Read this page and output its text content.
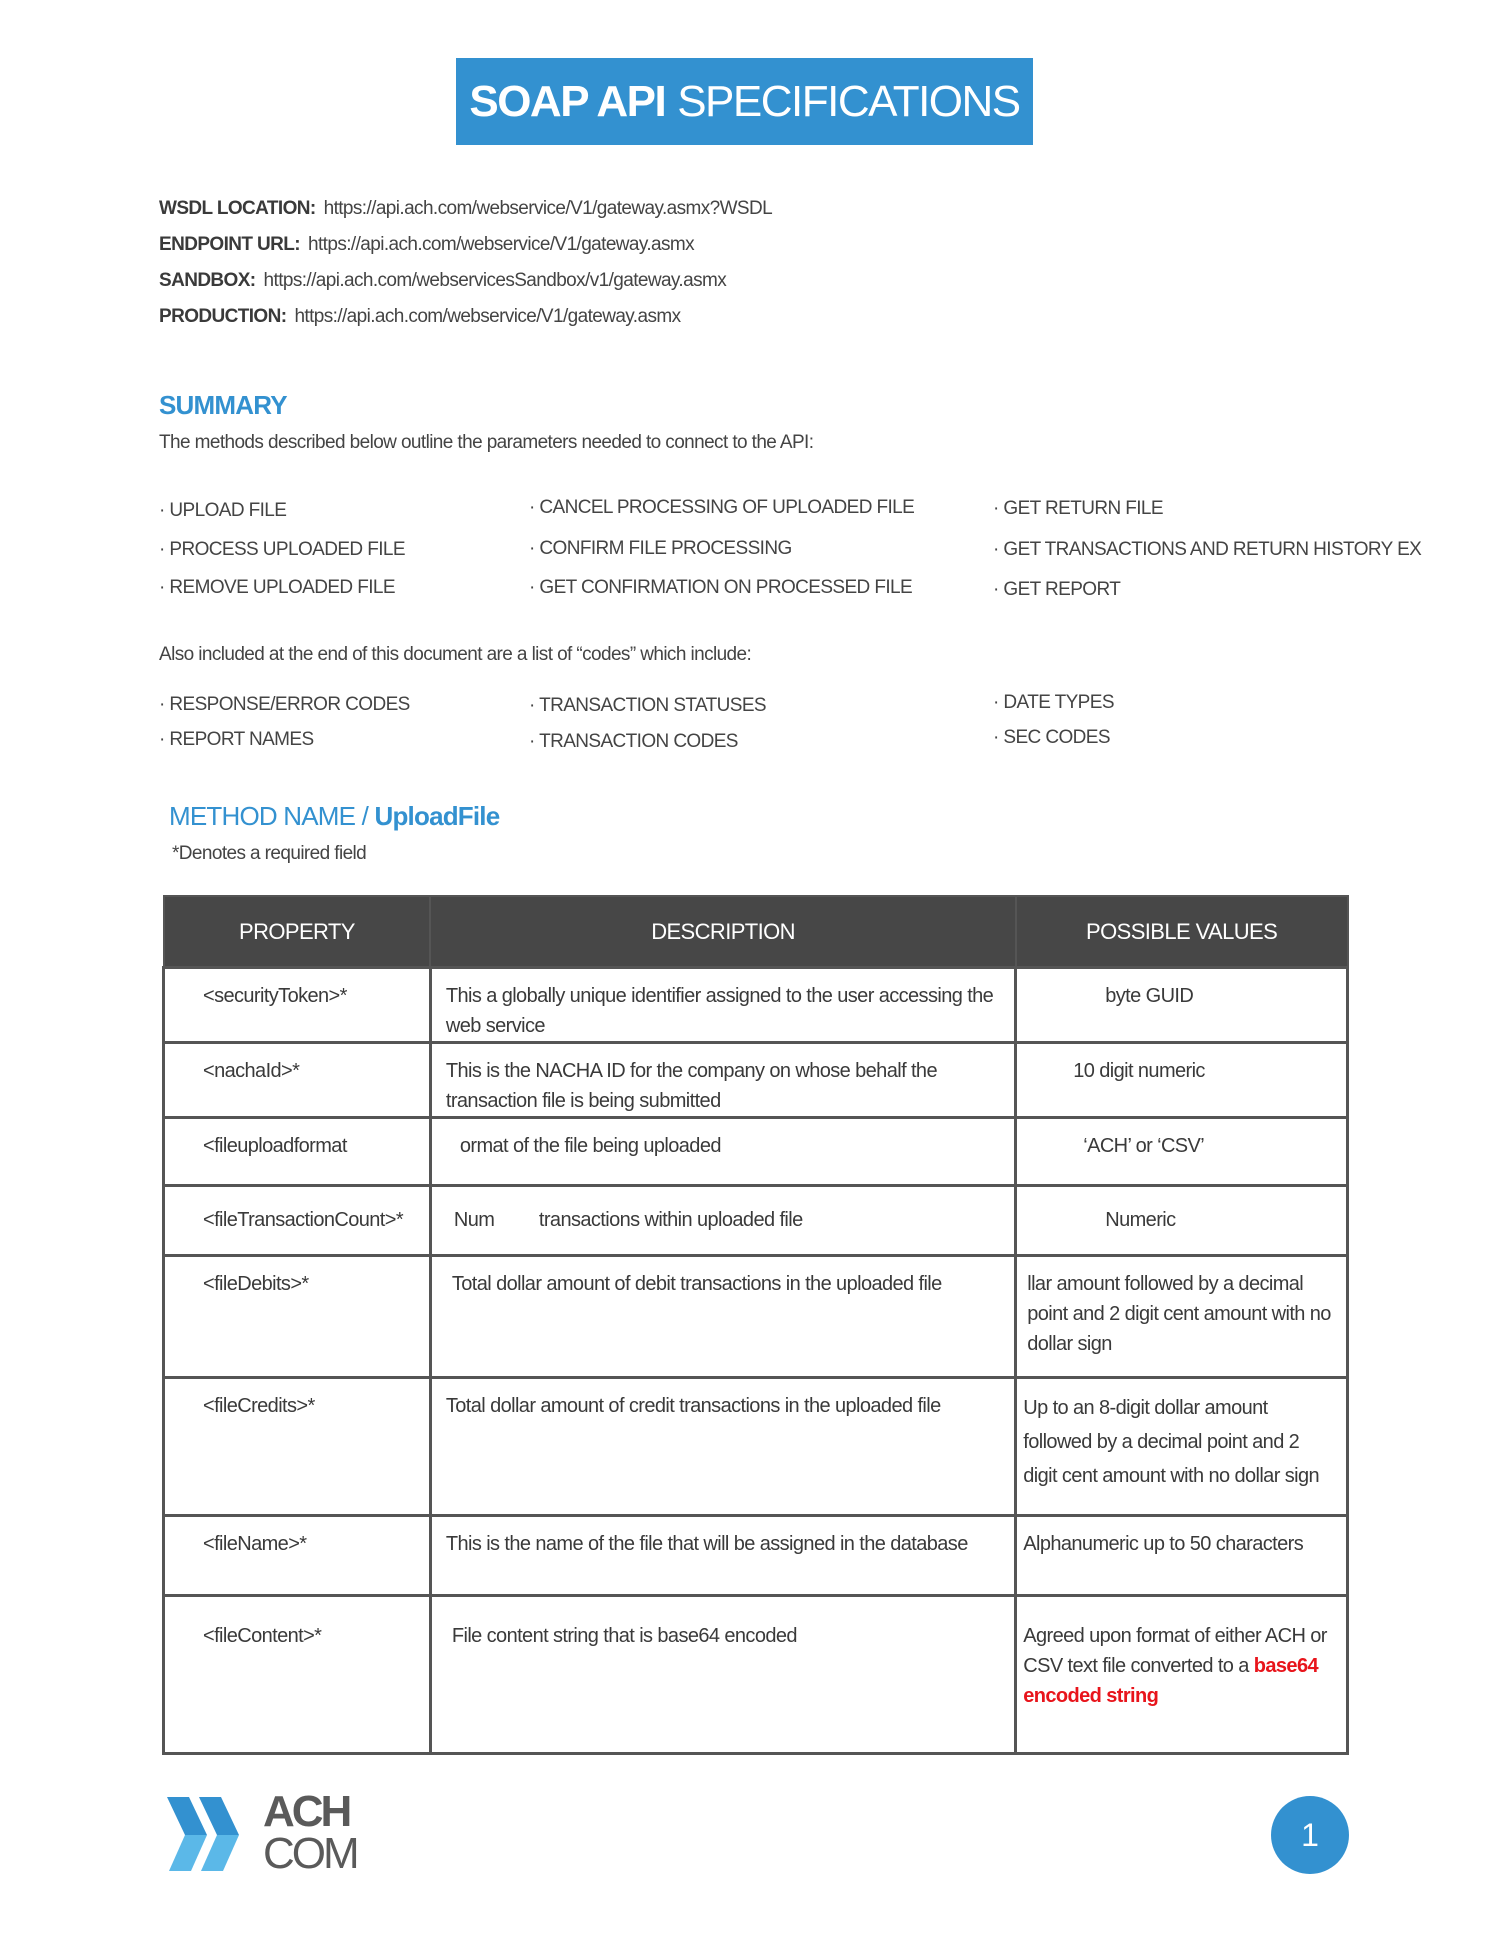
SOAP API SPECIFICATIONS
WSDL LOCATION: https://api.ach.com/webservice/V1/gateway.asmx?WSDL
ENDPOINT URL: https://api.ach.com/webservice/V1/gateway.asmx
SANDBOX: https://api.ach.com/webservicesSandbox/v1/gateway.asmx
PRODUCTION: https://api.ach.com/webservice/V1/gateway.asmx
SUMMARY
The methods described below outline the parameters needed to connect to the API:
· UPLOAD FILE	· CANCEL PROCESSING OF UPLOADED FILE	· GET RETURN FILE
· PROCESS UPLOADED FILE	· CONFIRM FILE PROCESSING	· GET TRANSACTIONS AND RETURN HISTORY EX
· REMOVE UPLOADED FILE	· GET CONFIRMATION ON PROCESSED FILE	· GET REPORT
Also included at the end of this document are a list of “codes” which include:
· RESPONSE/ERROR CODES	· TRANSACTION STATUSES	· DATE TYPES
· REPORT NAMES	· TRANSACTION CODES	· SEC CODES
METHOD NAME / UploadFile
*Denotes a required field
PROPERTY	DESCRIPTION	POSSIBLE VALUES
<securityToken>*	This a globally unique identifier assigned to the user accessing the web service	byte GUID
<nachaId>*	This is the NACHA ID for the company on whose behalf the transaction file is being submitted	10 digit numeric
<fileuploadformat	ormat of the file being uploaded	‘ACH’ or ‘CSV’
<fileTransactionCount>*	Num         transactions within uploaded file	Numeric
<fileDebits>*	Total dollar amount of debit transactions in the uploaded file	llar amount followed by a decimal point and 2 digit cent amount with no dollar sign
<fileCredits>*	Total dollar amount of credit transactions in the uploaded file	Up to an 8-digit dollar amount followed by a decimal point and 2 digit cent amount with no dollar sign
<fileName>*	This is the name of the file that will be assigned in the database	Alphanumeric up to 50 characters
<fileContent>*	File content string that is base64 encoded	Agreed upon format of either ACH or CSV text file converted to a base64 encoded string
ACH
COM	1
